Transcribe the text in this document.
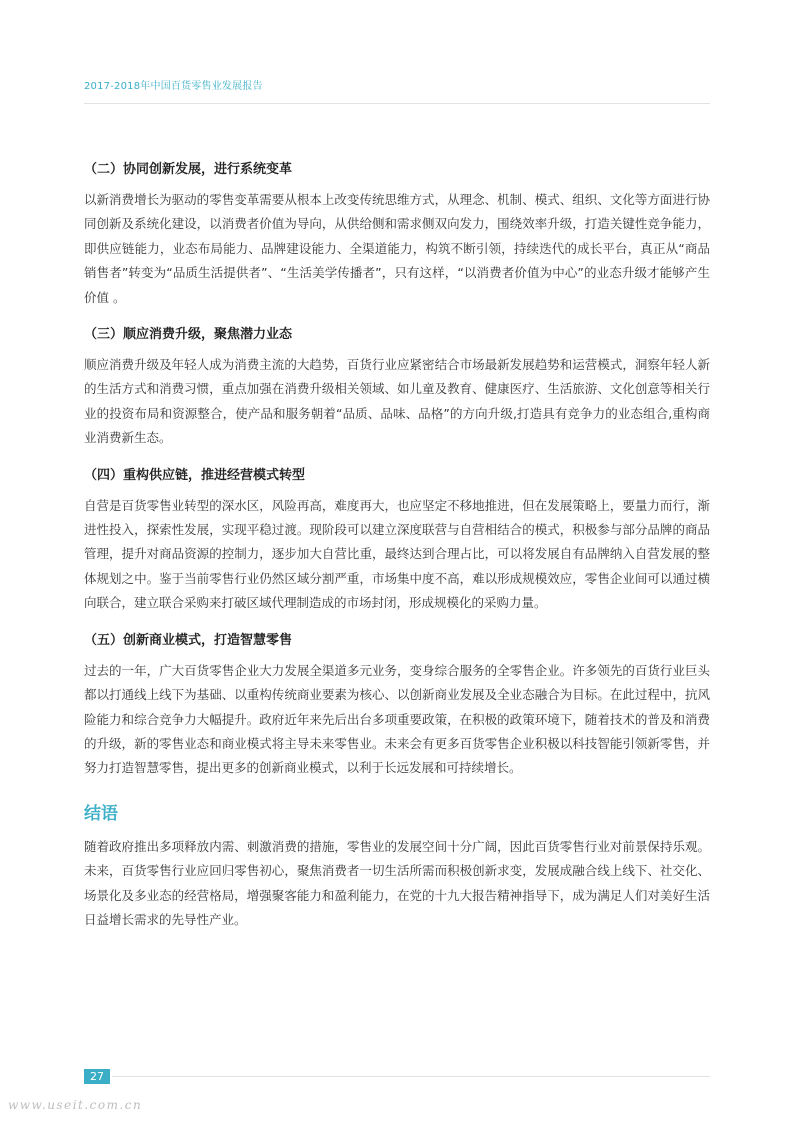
2017-2018年中国百货零售业发展报告
（二）协同创新发展，进行系统变革

以新消费增长为驱动的零售变革需要从根本上改变传统思维方式，从理念、机制、模式、组织、文化等方面进行协同创新及系统化建设，以消费者价值为导向，从供给侧和需求侧双向发力，围绕效率升级，打造关键性竞争能力，即供应链能力，业态布局能力、品牌建设能力、全渠道能力，构筑不断引领，持续迭代的成长平台，真正从“商品销售者”转变为“品质生活提供者”、“生活美学传播者”，只有这样，“以消费者价值为中心”的业态升级才能够产生价值 。

（三）顺应消费升级，聚焦潜力业态

顺应消费升级及年轻人成为消费主流的大趋势，百货行业应紧密结合市场最新发展趋势和运营模式，洞察年轻人新的生活方式和消费习惯，重点加强在消费升级相关领域、如儿童及教育、健康医疗、生活旅游、文化创意等相关行业的投资布局和资源整合，使产品和服务朝着“品质、品味、品格”的方向升级,打造具有竞争力的业态组合,重构商业消费新生态。

（四）重构供应链，推进经营模式转型

自营是百货零售业转型的深水区，风险再高，难度再大，也应坚定不移地推进，但在发展策略上，要量力而行，渐进性投入，探索性发展，实现平稳过渡。现阶段可以建立深度联营与自营相结合的模式，积极参与部分品牌的商品管理，提升对商品资源的控制力，逐步加大自营比重，最终达到合理占比，可以将发展自有品牌纳入自营发展的整体规划之中。鉴于当前零售行业仍然区域分割严重，市场集中度不高，难以形成规模效应，零售企业间可以通过横向联合，建立联合采购来打破区域代理制造成的市场封闭，形成规模化的采购力量。

（五）创新商业模式，打造智慧零售

过去的一年，广大百货零售企业大力发展全渠道多元业务，变身综合服务的全零售企业。许多领先的百货行业巨头都以打通线上线下为基础、以重构传统商业要素为核心、以创新商业发展及全业态融合为目标。在此过程中，抗风险能力和综合竞争力大幅提升。政府近年来先后出台多项重要政策，在积极的政策环境下，随着技术的普及和消费的升级，新的零售业态和商业模式将主导未来零售业。未来会有更多百货零售企业积极以科技智能引领新零售，并努力打造智慧零售，提出更多的创新商业模式，以利于长远发展和可持续增长。

结语

随着政府推出多项释放内需、刺激消费的措施，零售业的发展空间十分广阔，因此百货零售行业对前景保持乐观。未来，百货零售行业应回归零售初心，聚焦消费者一切生活所需而积极创新求变，发展成融合线上线下、社交化、场景化及多业态的经营格局，增强聚客能力和盈利能力，在党的十九大报告精神指导下，成为满足人们对美好生活日益增长需求的先导性产业。

27
www.useit.com.cn
